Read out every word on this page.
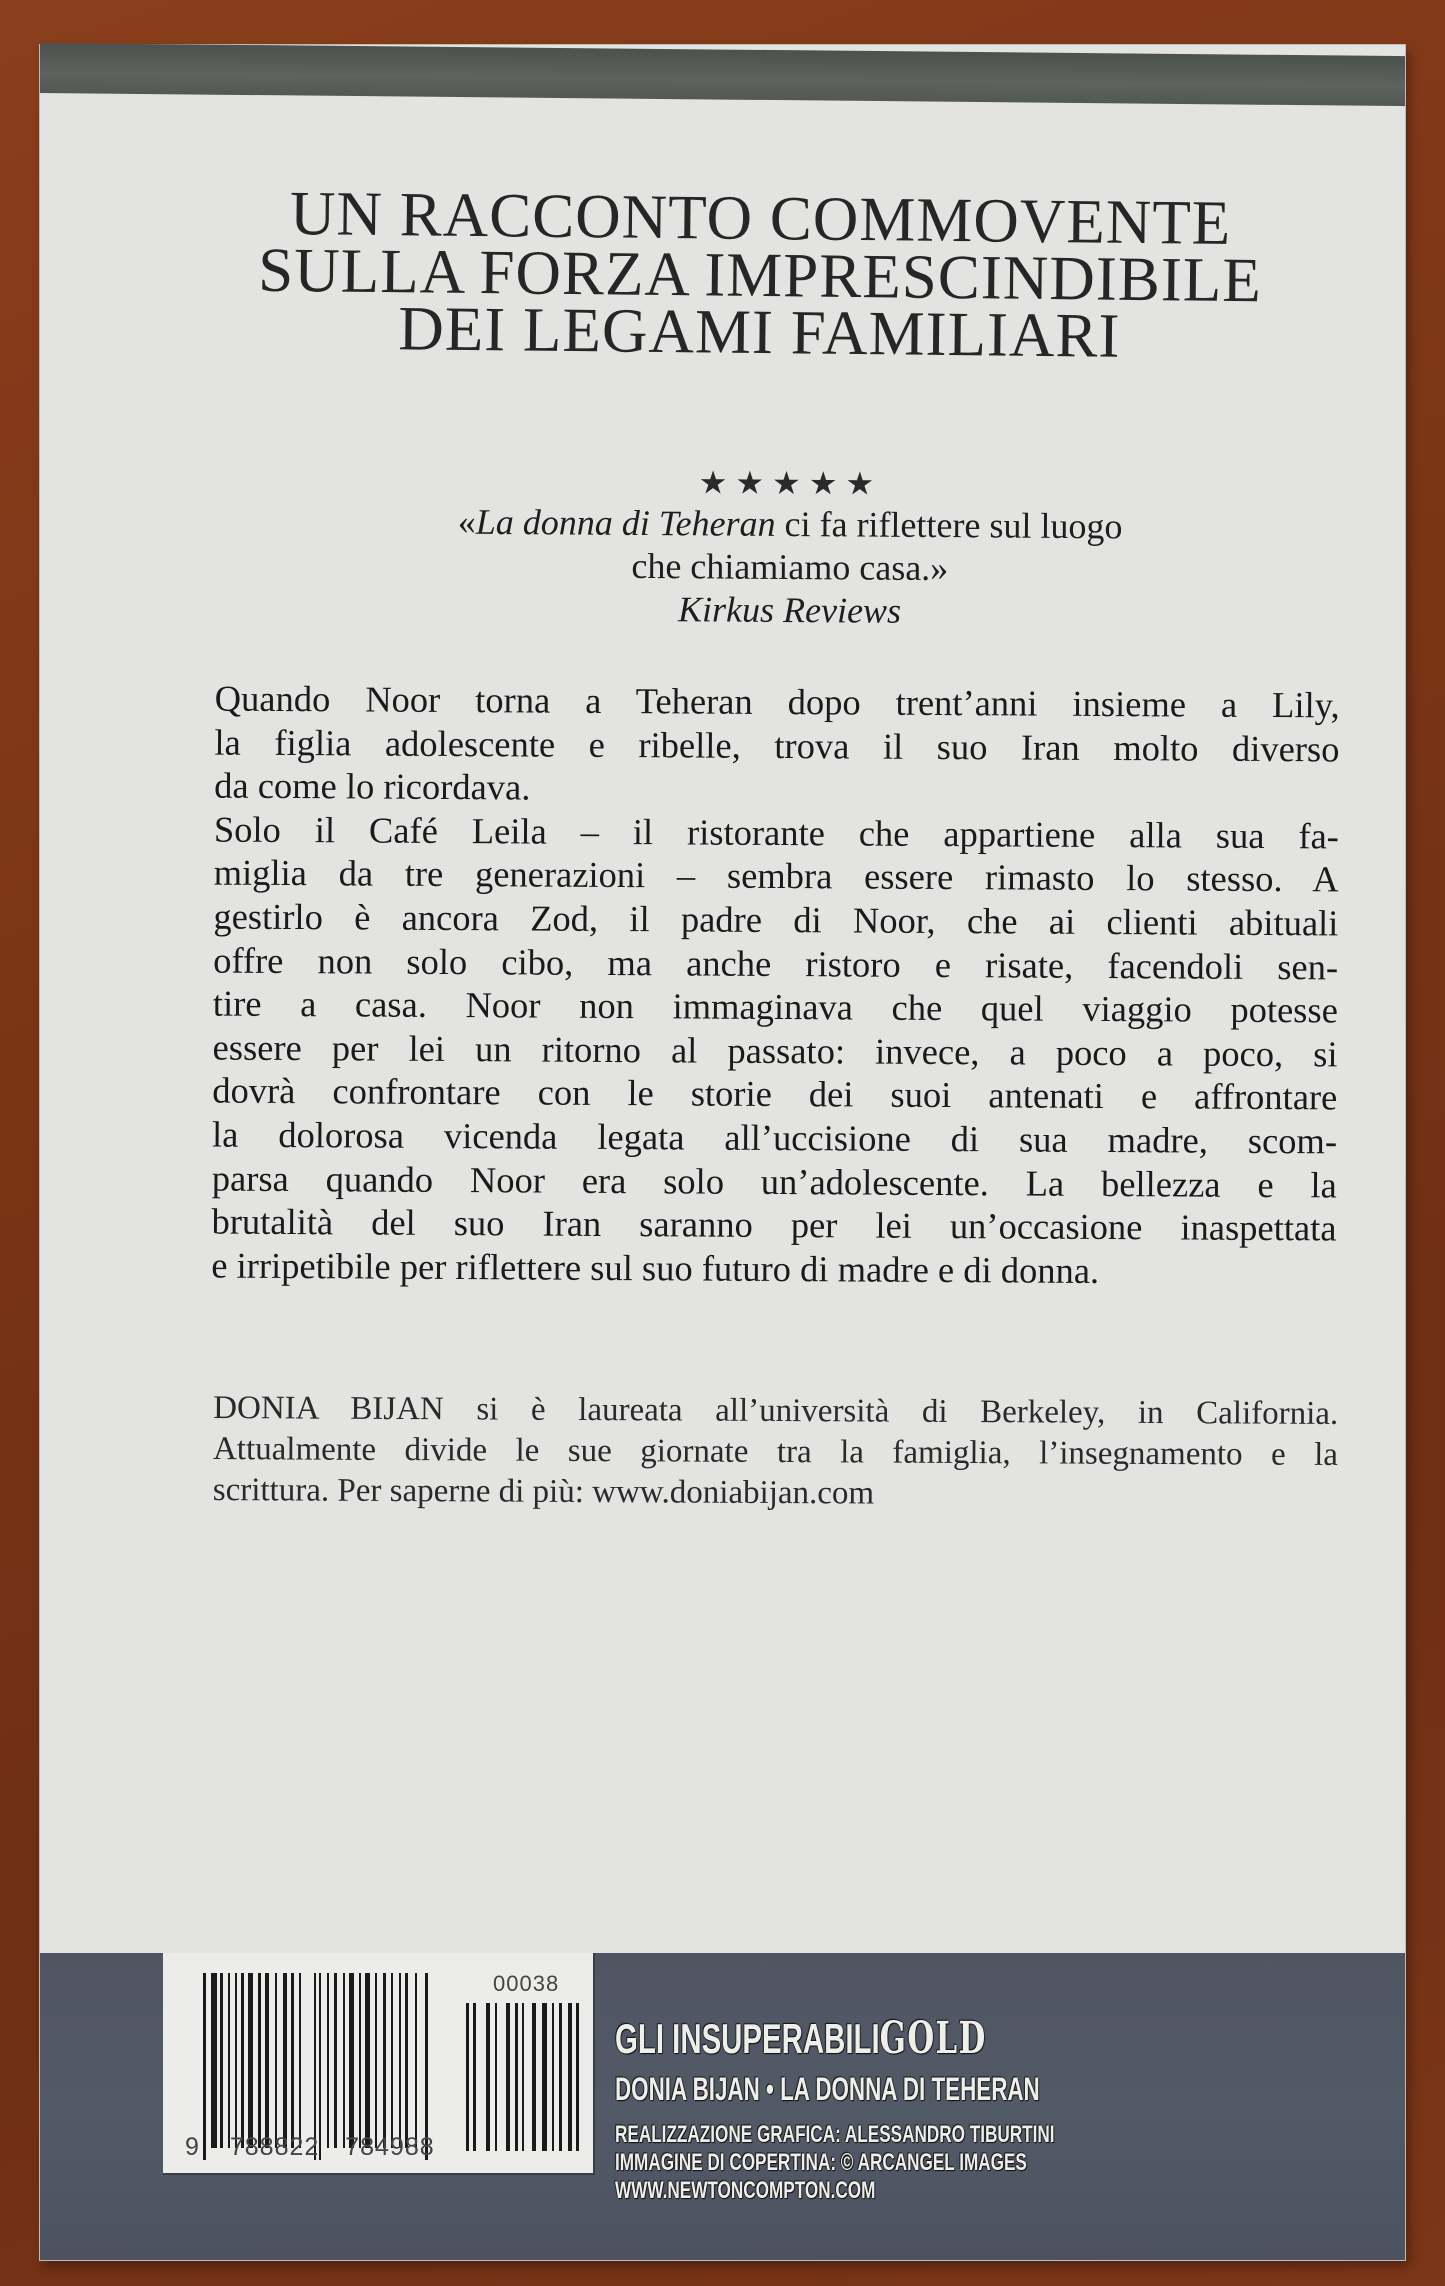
UN RACCONTO COMMOVENTE
SULLA FORZA IMPRESCINDIBILE
DEI LEGAMI FAMILIARI
★★★★★
«La donna di Teheran ci fa riflettere sul luogo
che chiamiamo casa.»
Kirkus Reviews
Quando Noor torna a Teheran dopo trent’anni insieme a Lily,
la figlia adolescente e ribelle, trova il suo Iran molto diverso
da come lo ricordava.
Solo il Café Leila – il ristorante che appartiene alla sua fa-
miglia da tre generazioni – sembra essere rimasto lo stesso. A
gestirlo è ancora Zod, il padre di Noor, che ai clienti abituali
offre non solo cibo, ma anche ristoro e risate, facendoli sen-
tire a casa. Noor non immaginava che quel viaggio potesse
essere per lei un ritorno al passato: invece, a poco a poco, si
dovrà confrontare con le storie dei suoi antenati e affrontare
la dolorosa vicenda legata all’uccisione di sua madre, scom-
parsa quando Noor era solo un’adolescente. La bellezza e la
brutalità del suo Iran saranno per lei un’occasione inaspettata
e irripetibile per riflettere sul suo futuro di madre e di donna.
DONIA BIJAN si è laureata all’università di Berkeley, in California.
Attualmente divide le sue giornate tra la famiglia, l’insegnamento e la
scrittura. Per saperne di più: www.doniabijan.com
9 788822 784988
00038
GLI INSUPERABILIGOLD
DONIA BIJAN • LA DONNA DI TEHERAN
REALIZZAZIONE GRAFICA: ALESSANDRO TIBURTINI
IMMAGINE DI COPERTINA: © ARCANGEL IMAGES
WWW.NEWTONCOMPTON.COM
